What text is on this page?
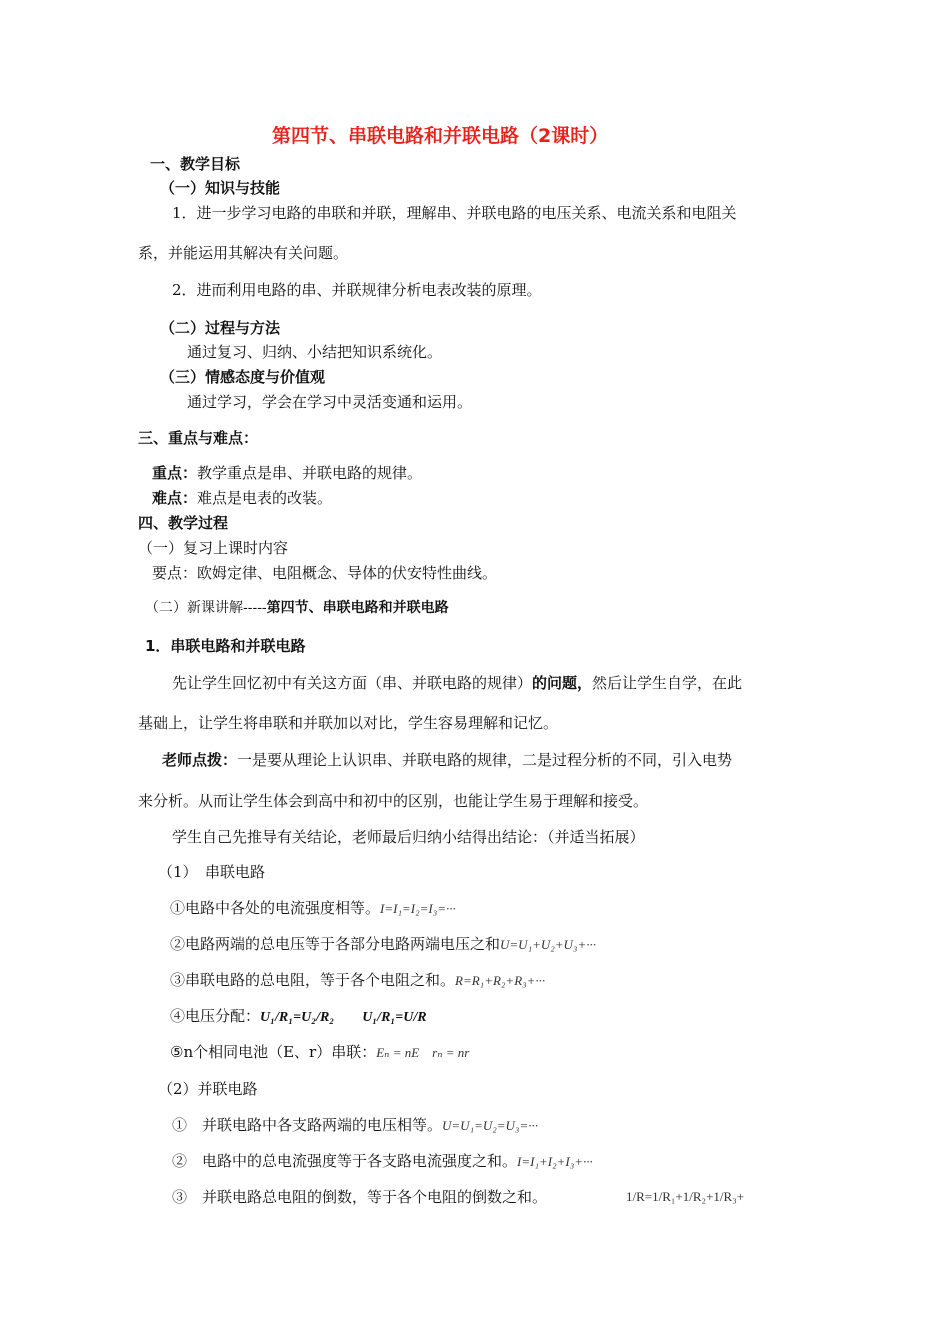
第四节、串联电路和并联电路（2课时）
一、教学目标
（一）知识与技能
1．进一步学习电路的串联和并联，理解串、并联电路的电压关系、电流关系和电阻关
系，并能运用其解决有关问题。
2．进而利用电路的串、并联规律分析电表改装的原理。
（二）过程与方法
通过复习、归纳、小结把知识系统化。
（三）情感态度与价值观
通过学习，学会在学习中灵活变通和运用。
三、重点与难点：
重点：教学重点是串、并联电路的规律。
难点：难点是电表的改装。
四、教学过程
（一）复习上课时内容
要点：欧姆定律、电阻概念、导体的伏安特性曲线。
（二）新课讲解-----第四节、串联电路和并联电路
1．串联电路和并联电路
先让学生回忆初中有关这方面（串、并联电路的规律）的问题，然后让学生自学，在此
基础上，让学生将串联和并联加以对比，学生容易理解和记忆。
老师点拨：一是要从理论上认识串、并联电路的规律，二是过程分析的不同，引入电势
来分析。从而让学生体会到高中和初中的区别，也能让学生易于理解和接受。
学生自己先推导有关结论，老师最后归纳小结得出结论：（并适当拓展）
（1）　串联电路
①电路中各处的电流强度相等。I=I₁=I₂=I₃=···
②电路两端的总电压等于各部分电路两端电压之和U=U₁+U₂+U₃+···
③串联电路的总电阻，等于各个电阻之和。R=R₁+R₂+R₃+···
④电压分配：U₁/R₁=U₂/R₂　　U₁/R₁=U/R
⑤n个相同电池（E、r）串联：Eₙ = nE　rₙ = nr
（2）并联电路
①　并联电路中各支路两端的电压相等。U=U₁=U₂=U₃=···
②　电路中的总电流强度等于各支路电流强度之和。I=I₁+I₂+I₃+···
③　并联电路总电阻的倒数，等于各个电阻的倒数之和。	1/R=1/R₁+1/R₂+1/R₃+
